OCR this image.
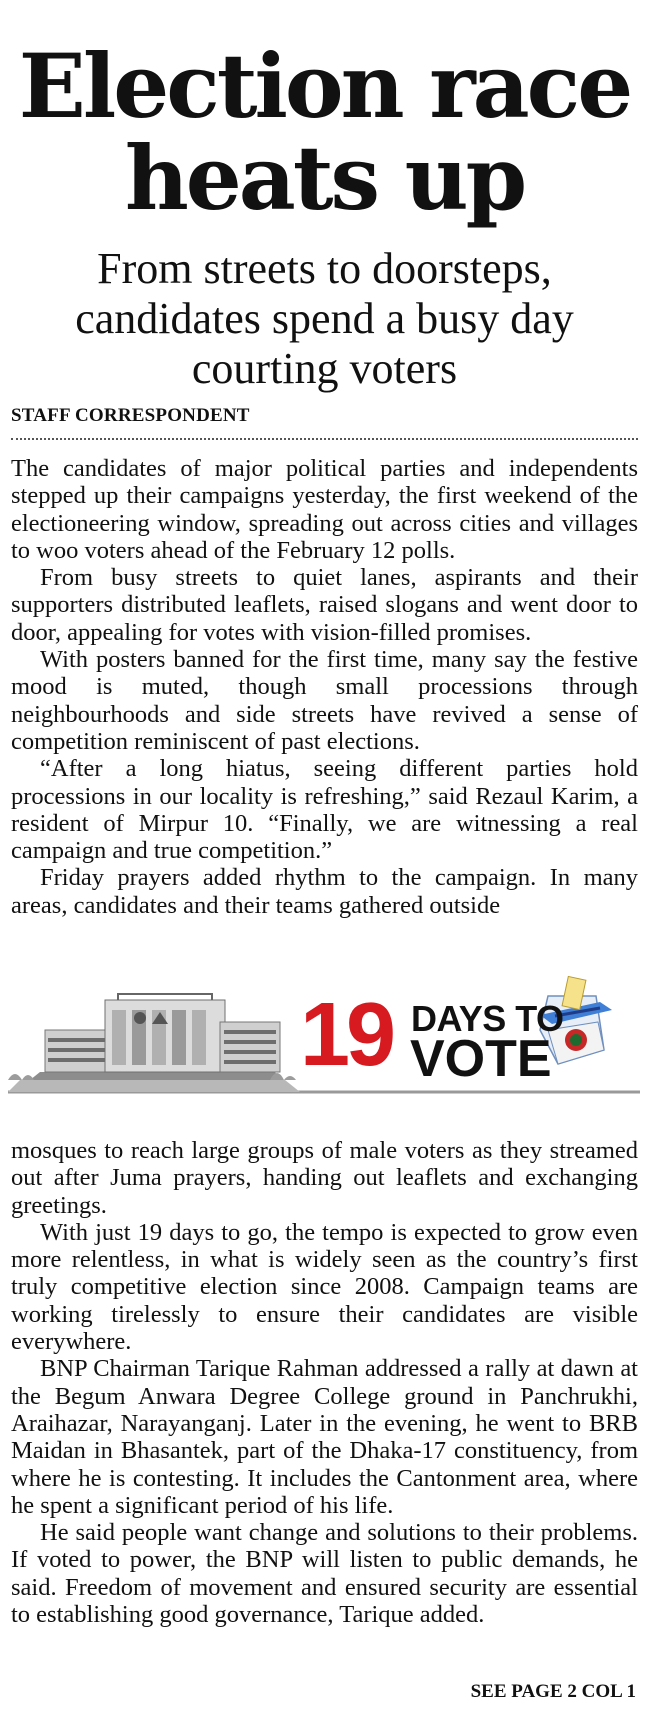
Election race heats up
From streets to doorsteps, candidates spend a busy day courting voters
STAFF CORRESPONDENT

The candidates of major political parties and independents stepped up their campaigns yesterday, the first weekend of the electioneering window, spreading out across cities and villages to woo voters ahead of the February 12 polls.

From busy streets to quiet lanes, aspirants and their supporters distributed leaflets, raised slogans and went door to door, appealing for votes with vision-filled promises.

With posters banned for the first time, many say the festive mood is muted, though small processions through neighbourhoods and side streets have revived a sense of competition reminiscent of past elections.

“After a long hiatus, seeing different parties hold processions in our locality is refreshing,” said Rezaul Karim, a resident of Mirpur 10. “Finally, we are witnessing a real campaign and true competition.”

Friday prayers added rhythm to the campaign. In many areas, candidates and their teams gathered outside

19 DAYS TO
VOTE

mosques to reach large groups of male voters as they streamed out after Juma prayers, handing out leaflets and exchanging greetings.

With just 19 days to go, the tempo is expected to grow even more relentless, in what is widely seen as the country’s first truly competitive election since 2008. Campaign teams are working tirelessly to ensure their candidates are visible everywhere.

BNP Chairman Tarique Rahman addressed a rally at dawn at the Begum Anwara Degree College ground in Panchrukhi, Araihazar, Narayanganj. Later in the evening, he went to BRB Maidan in Bhasantek, part of the Dhaka-17 constituency, from where he is contesting. It includes the Cantonment area, where he spent a significant period of his life.

He said people want change and solutions to their problems. If voted to power, the BNP will listen to public demands, he said. Freedom of movement and ensured security are essential to establishing good governance, Tarique added.

SEE PAGE 2 COL 1
